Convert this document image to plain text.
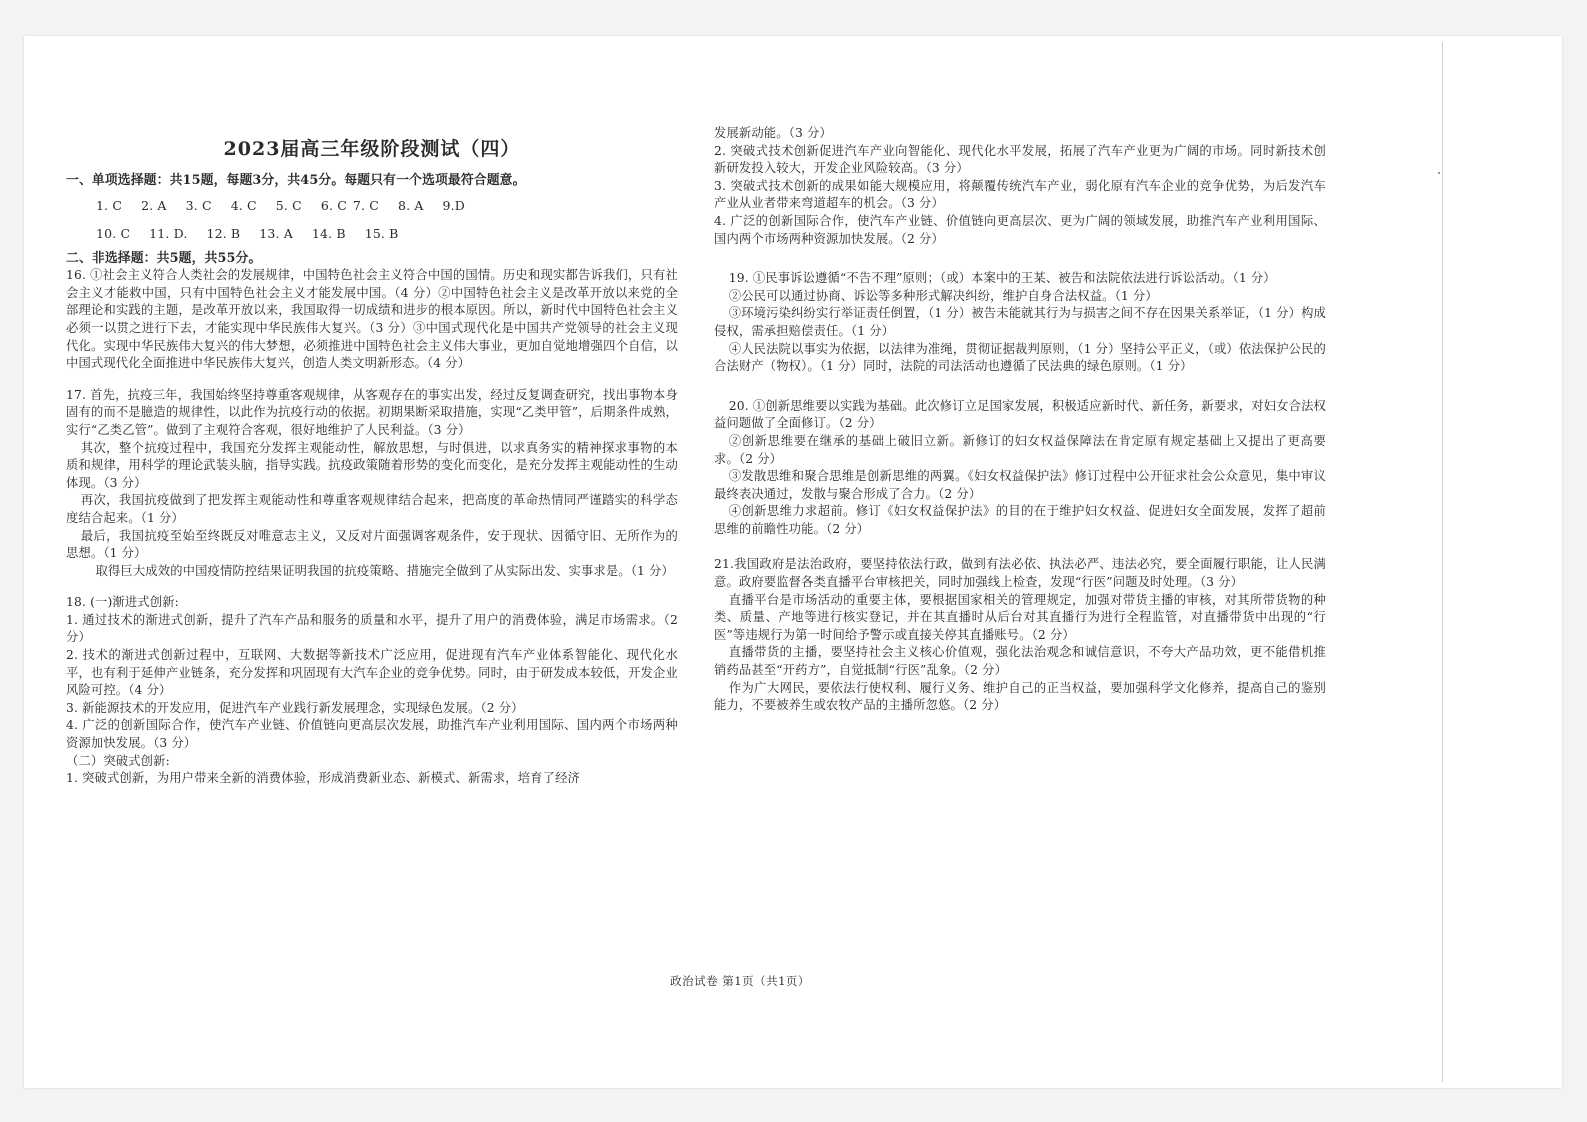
2023届高三年级阶段测试（四）

一、单项选择题：共15题，每题3分，共45分。每题只有一个选项最符合题意。

1. C 2. A 3. C 4. C 5. C 6. C 7. C 8. A 9.D
10. C 11. D. 12. B 13. A 14. B 15. B

二、非选择题：共5题，共55分。

16. ①社会主义符合人类社会的发展规律，中国特色社会主义符合中国的国情。历史和现实都告诉我们，只有社会主义才能救中国，只有中国特色社会主义才能发展中国。（4 分）②中国特色社会主义是改革开放以来党的全部理论和实践的主题，是改革开放以来，我国取得一切成绩和进步的根本原因。所以，新时代中国特色社会主义必须一以贯之进行下去，才能实现中华民族伟大复兴。（3 分）③中国式现代化是中国共产党领导的社会主义现代化。实现中华民族伟大复兴的伟大梦想，必须推进中国特色社会主义伟大事业，更加自觉地增强四个自信，以中国式现代化全面推进中华民族伟大复兴，创造人类文明新形态。（4 分）

17. 首先，抗疫三年，我国始终坚持尊重客观规律，从客观存在的事实出发，经过反复调查研究，找出事物本身固有的而不是臆造的规律性，以此作为抗疫行动的依据。初期果断采取措施，实现“乙类甲管”，后期条件成熟，实行“乙类乙管”。做到了主观符合客观，很好地维护了人民利益。（3 分）

其次，整个抗疫过程中，我国充分发挥主观能动性，解放思想，与时俱进，以求真务实的精神探求事物的本质和规律，用科学的理论武装头脑，指导实践。抗疫政策随着形势的变化而变化，是充分发挥主观能动性的生动体现。（3 分）

再次，我国抗疫做到了把发挥主观能动性和尊重客观规律结合起来，把高度的革命热情同严谨踏实的科学态度结合起来。（1 分）

最后，我国抗疫至始至终既反对唯意志主义，又反对片面强调客观条件，安于现状、因循守旧、无所作为的思想。（1 分）

取得巨大成效的中国疫情防控结果证明我国的抗疫策略、措施完全做到了从实际出发、实事求是。（1 分）

18. (一)渐进式创新:

1. 通过技术的渐进式创新，提升了汽车产品和服务的质量和水平，提升了用户的消费体验，满足市场需求。（2 分）

2. 技术的渐进式创新过程中，互联网、大数据等新技术广泛应用，促进现有汽车产业体系智能化、现代化水平，也有利于延伸产业链条，充分发挥和巩固现有大汽车企业的竞争优势。同时，由于研发成本较低，开发企业风险可控。（4 分）

3. 新能源技术的开发应用，促进汽车产业践行新发展理念，实现绿色发展。（2 分）

4. 广泛的创新国际合作，使汽车产业链、价值链向更高层次发展，助推汽车产业利用国际、国内两个市场两种资源加快发展。（3 分）

（二）突破式创新:

1. 突破式创新，为用户带来全新的消费体验，形成消费新业态、新模式、新需求，培育了经济

发展新动能。（3 分）

2. 突破式技术创新促进汽车产业向智能化、现代化水平发展，拓展了汽车产业更为广阔的市场。同时新技术创新研发投入较大，开发企业风险较高。（3 分）

3. 突破式技术创新的成果如能大规模应用，将颠覆传统汽车产业，弱化原有汽车企业的竞争优势，为后发汽车产业从业者带来弯道超车的机会。（3 分）

4. 广泛的创新国际合作，使汽车产业链、价值链向更高层次、更为广阔的领域发展，助推汽车产业利用国际、国内两个市场两种资源加快发展。（2 分）

19. ①民事诉讼遵循“不告不理”原则；（或）本案中的王某、被告和法院依法进行诉讼活动。（1 分）

②公民可以通过协商、诉讼等多种形式解决纠纷，维护自身合法权益。（1 分）

③环境污染纠纷实行举证责任倒置，（1 分）被告未能就其行为与损害之间不存在因果关系举证，（1 分）构成侵权，需承担赔偿责任。（1 分）

④人民法院以事实为依据，以法律为准绳，贯彻证据裁判原则，（1 分）坚持公平正义，（或）依法保护公民的合法财产（物权）。（1 分）同时，法院的司法活动也遵循了民法典的绿色原则。（1 分）

20. ①创新思维要以实践为基础。此次修订立足国家发展，积极适应新时代、新任务，新要求，对妇女合法权益问题做了全面修订。（2 分）

②创新思维要在继承的基础上破旧立新。新修订的妇女权益保障法在肯定原有规定基础上又提出了更高要求。（2 分）

③发散思维和聚合思维是创新思维的两翼。《妇女权益保护法》修订过程中公开征求社会公众意见，集中审议最终表决通过，发散与聚合形成了合力。（2 分）

④创新思维力求超前。修订《妇女权益保护法》的目的在于维护妇女权益、促进妇女全面发展，发挥了超前思维的前瞻性功能。（2 分）

21.我国政府是法治政府，要坚持依法行政，做到有法必依、执法必严、违法必究，要全面履行职能，让人民满意。政府要监督各类直播平台审核把关，同时加强线上检查，发现“行医”问题及时处理。（3 分）

直播平台是市场活动的重要主体，要根据国家相关的管理规定，加强对带货主播的审核，对其所带货物的种类、质量、产地等进行核实登记，并在其直播时从后台对其直播行为进行全程监管，对直播带货中出现的“行医”等违规行为第一时间给予警示或直接关停其直播账号。（2 分）

直播带货的主播，要坚持社会主义核心价值观，强化法治观念和诚信意识，不夸大产品功效，更不能借机推销药品甚至“开药方”，自觉抵制“行医”乱象。（2 分）

作为广大网民，要依法行使权利、履行义务、维护自己的正当权益，要加强科学文化修养，提高自己的鉴别能力，不要被养生或农牧产品的主播所忽悠。（2 分）

政治试卷 第1页（共1页）
